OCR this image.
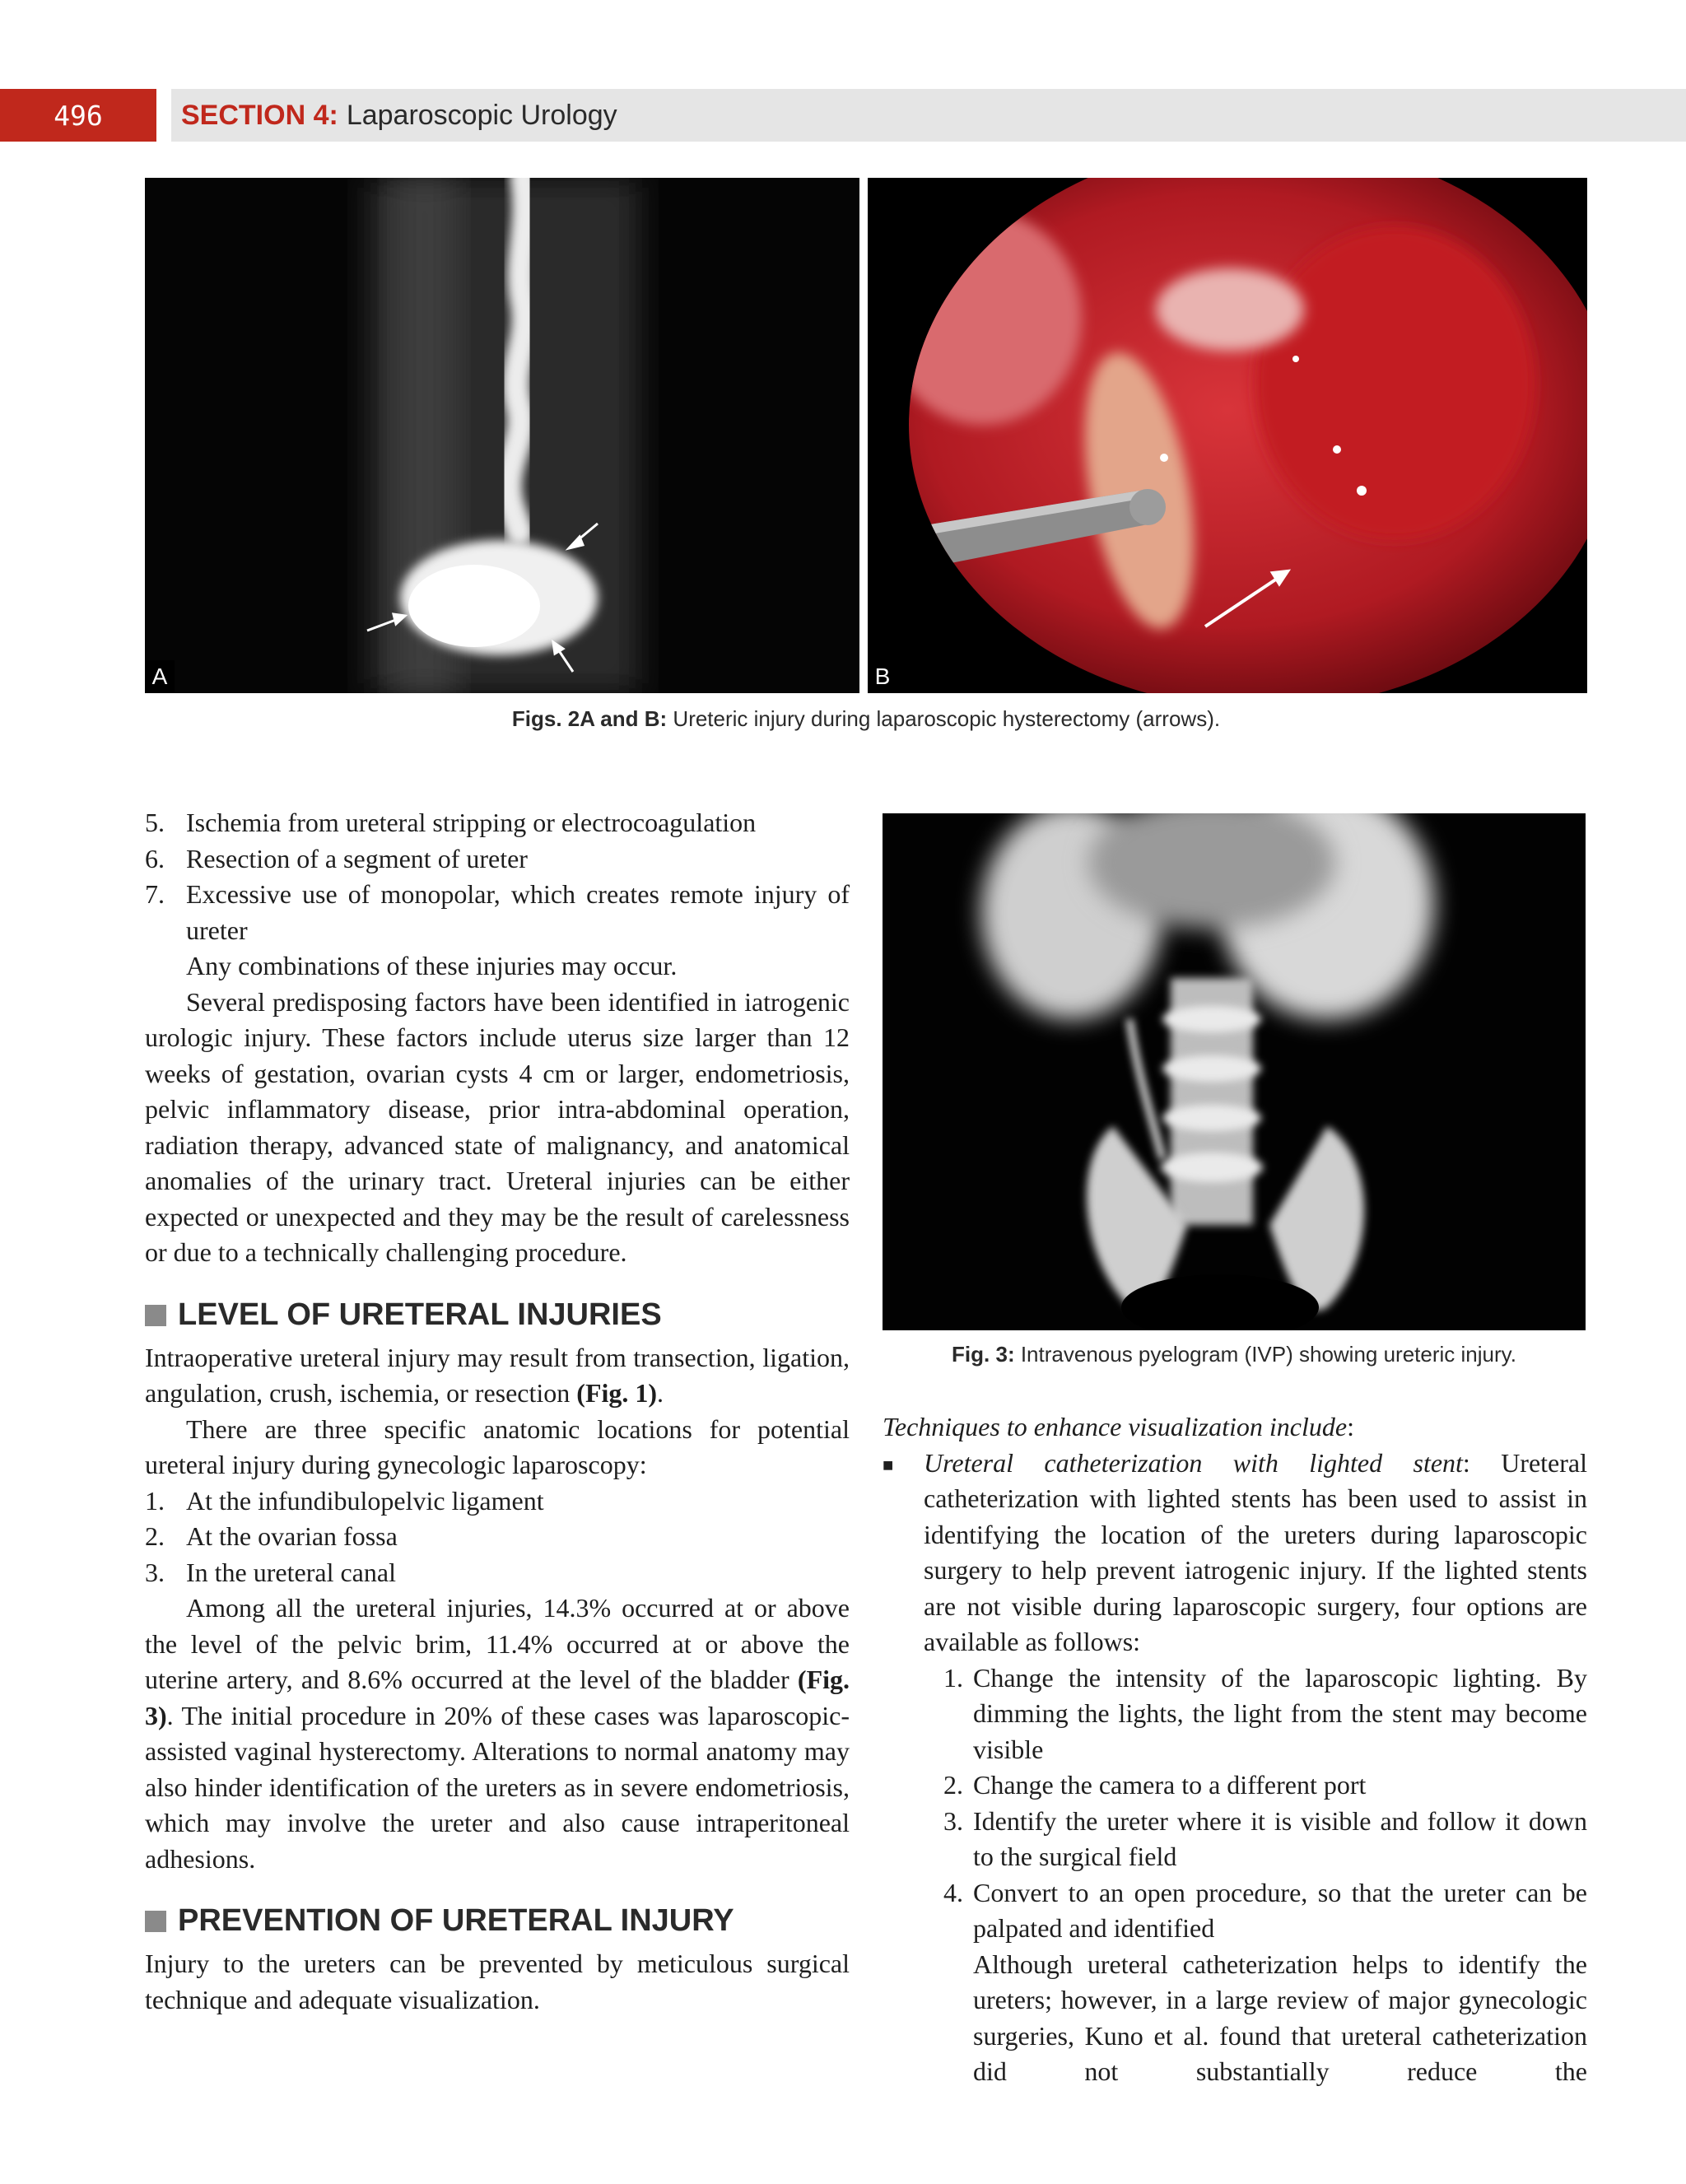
496	SECTION 4: Laparoscopic Urology
A	B
Figs. 2A and B: Ureteric injury during laparoscopic hysterectomy (arrows).
Fig. 3: Intravenous pyelogram (IVP) showing ureteric injury.
5. Ischemia from ureteral stripping or electrocoagulation
6. Resection of a segment of ureter
7. Excessive use of monopolar, which creates remote injury of ureter

Any combinations of these injuries may occur.

Several predisposing factors have been identified in iatrogenic urologic injury. These factors include uterus size larger than 12 weeks of gestation, ovarian cysts 4 cm or larger, endometriosis, pelvic inflammatory disease, prior intra-abdominal operation, radiation therapy, advanced state of malignancy, and anatomical anomalies of the urinary tract. Ureteral injuries can be either expected or unexpected and they may be the result of carelessness or due to a technically challenging procedure.

LEVEL OF URETERAL INJURIES

Intraoperative ureteral injury may result from transection, ligation, angulation, crush, ischemia, or resection (Fig. 1).

There are three specific anatomic locations for potential ureteral injury during gynecologic laparoscopy:

1. At the infundibulopelvic ligament
2. At the ovarian fossa
3. In the ureteral canal

Among all the ureteral injuries, 14.3% occurred at or above the level of the pelvic brim, 11.4% occurred at or above the uterine artery, and 8.6% occurred at the level of the bladder (Fig. 3). The initial procedure in 20% of these cases was laparoscopic-assisted vaginal hysterectomy. Alterations to normal anatomy may also hinder identification of the ureters as in severe endometriosis, which may involve the ureter and also cause intraperitoneal adhesions.

PREVENTION OF URETERAL INJURY

Injury to the ureters can be prevented by meticulous surgical technique and adequate visualization.

Techniques to enhance visualization include:

■	Ureteral catheterization with lighted stent: Ureteral catheterization with lighted stents has been used to assist in identifying the location of the ureters during laparoscopic surgery to help prevent iatrogenic injury. If the lighted stents are not visible during laparoscopic surgery, four options are available as follows:

1. Change the intensity of the laparoscopic lighting. By dimming the lights, the light from the stent may become visible
2. Change the camera to a different port
3. Identify the ureter where it is visible and follow it down to the surgical field
4. Convert to an open procedure, so that the ureter can be palpated and identified

Although ureteral catheterization helps to identify the ureters; however, in a large review of major gynecologic surgeries, Kuno et al. found that ureteral catheterization did not substantially reduce the
